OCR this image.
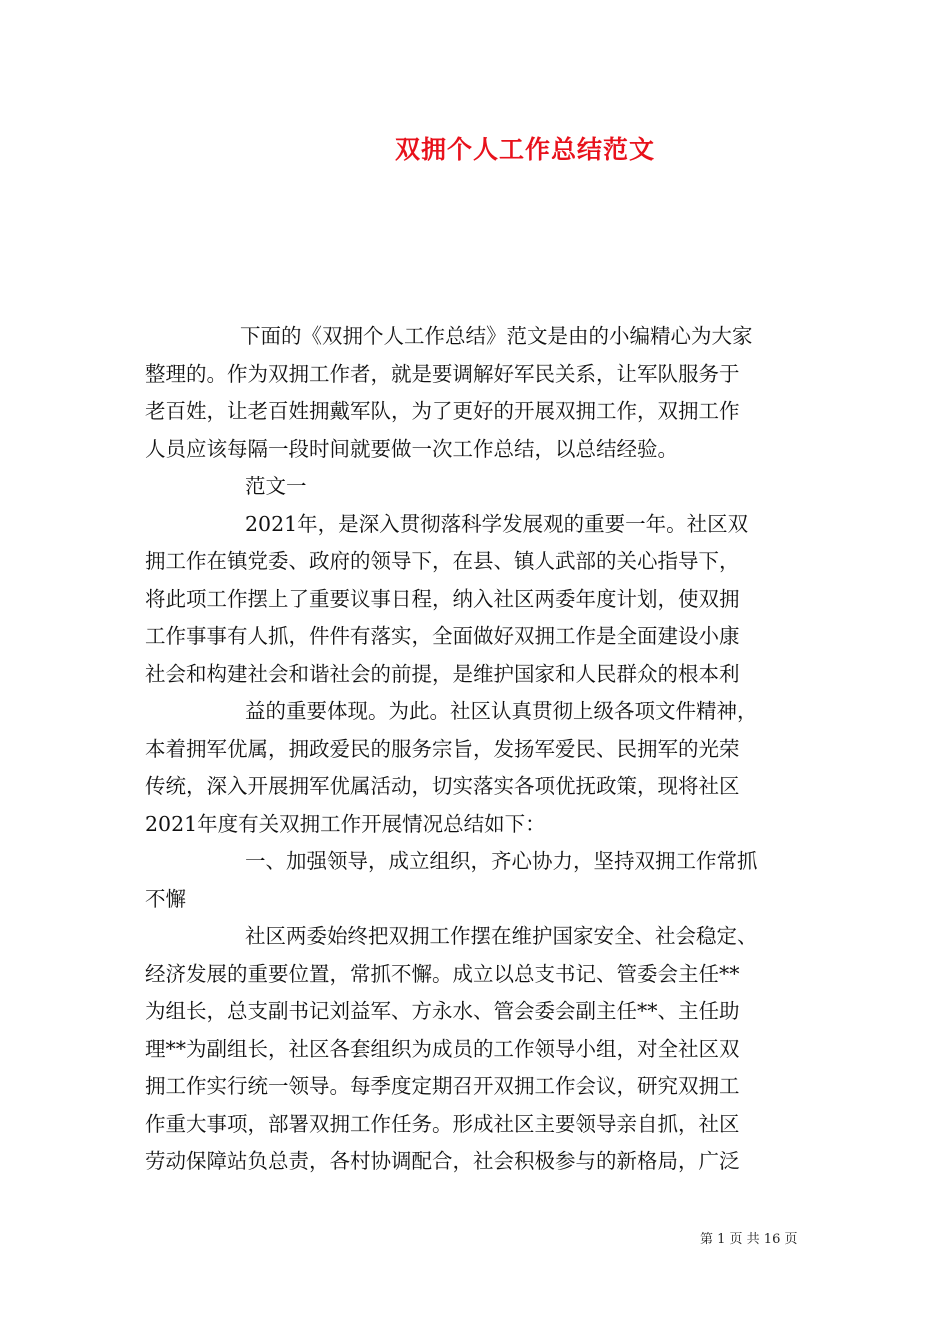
双拥个人工作总结范文
下面的《双拥个人工作总结》范文是由的小编精心为大家
整理的。作为双拥工作者，就是要调解好军民关系，让军队服务于
老百姓，让老百姓拥戴军队，为了更好的开展双拥工作，双拥工作
人员应该每隔一段时间就要做一次工作总结，以总结经验。
范文一
2021年，是深入贯彻落科学发展观的重要一年。社区双
拥工作在镇党委、政府的领导下，在县、镇人武部的关心指导下，
将此项工作摆上了重要议事日程，纳入社区两委年度计划，使双拥
工作事事有人抓，件件有落实，全面做好双拥工作是全面建设小康
社会和构建社会和谐社会的前提，是维护国家和人民群众的根本利
益的重要体现。为此。社区认真贯彻上级各项文件精神，
本着拥军优属，拥政爱民的服务宗旨，发扬军爱民、民拥军的光荣
传统，深入开展拥军优属活动，切实落实各项优抚政策，现将社区
2021年度有关双拥工作开展情况总结如下：
一、加强领导，成立组织，齐心协力，坚持双拥工作常抓
不懈
社区两委始终把双拥工作摆在维护国家安全、社会稳定、
经济发展的重要位置，常抓不懈。成立以总支书记、管委会主任**
为组长，总支副书记刘益军、方永水、管会委会副主任**、主任助
理**为副组长，社区各套组织为成员的工作领导小组，对全社区双
拥工作实行统一领导。每季度定期召开双拥工作会议，研究双拥工
作重大事项，部署双拥工作任务。形成社区主要领导亲自抓，社区
劳动保障站负总责，各村协调配合，社会积极参与的新格局，广泛
第 1 页 共 16 页
